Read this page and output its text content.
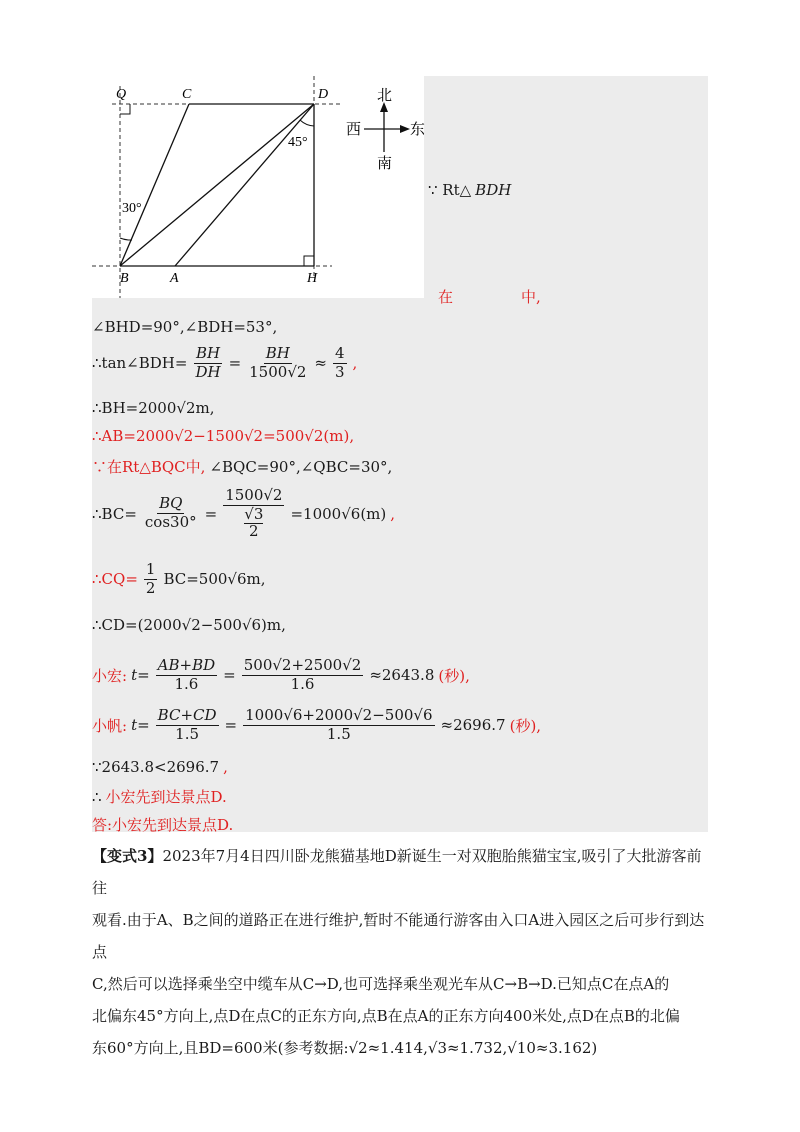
Q	C	D
B	A	H
30°
45°
北
西	东
南
∵ Rt△ BDH
在	中,
∠BHD=90°,∠BDH=53°,
∴tan∠BDH= $\frac{BH}{DH} = \frac{BH}{1500√2} \approx \frac{4}{3}$ ,
∴BH=2000√2m,
∴AB=2000√2−1500√2=500√2(m),
∵在Rt△BQC中, ∠BQC=90°,∠QBC=30°,
∴BC= $\frac{BQ}{\cos 30^\circ} = 1500√2$
√3
2 =1000√6(m) ,
∴CQ= $\frac{1}{2} BC=500√6m$,
∴CD=(2000√2−500√6)m,
小宏: $t= \frac{AB+BD}{1.6} = \frac{500√2+2500√2}{1.6} \approx 2643.8$ (秒),
小帆: $t= \frac{BC+CD}{1.5} = \frac{1000√6+2000√2-500√6}{1.5} \approx 2696.7$ (秒),
∵2643.8<2696.7 ,
∴ 小宏先到达景点D.
答:小宏先到达景点D.
【变式3】2023年7月4日四川卧龙熊猫基地D新诞生一对双胞胎熊猫宝宝,吸引了大批游客前往
观看.由于A、B之间的道路正在进行维护,暂时不能通行游客由入口A进入园区之后可步行到达点
C,然后可以选择乘坐空中缆车从C→D,也可选择乘坐观光车从C→B→D.已知点C在点A的
北偏东45°方向上,点D在点C的正东方向,点B在点A的正东方向400米处,点D在点B的北偏
东60°方向上,且BD=600米(参考数据:√2≈1.414,√3≈1.732,√10≈3.162)
